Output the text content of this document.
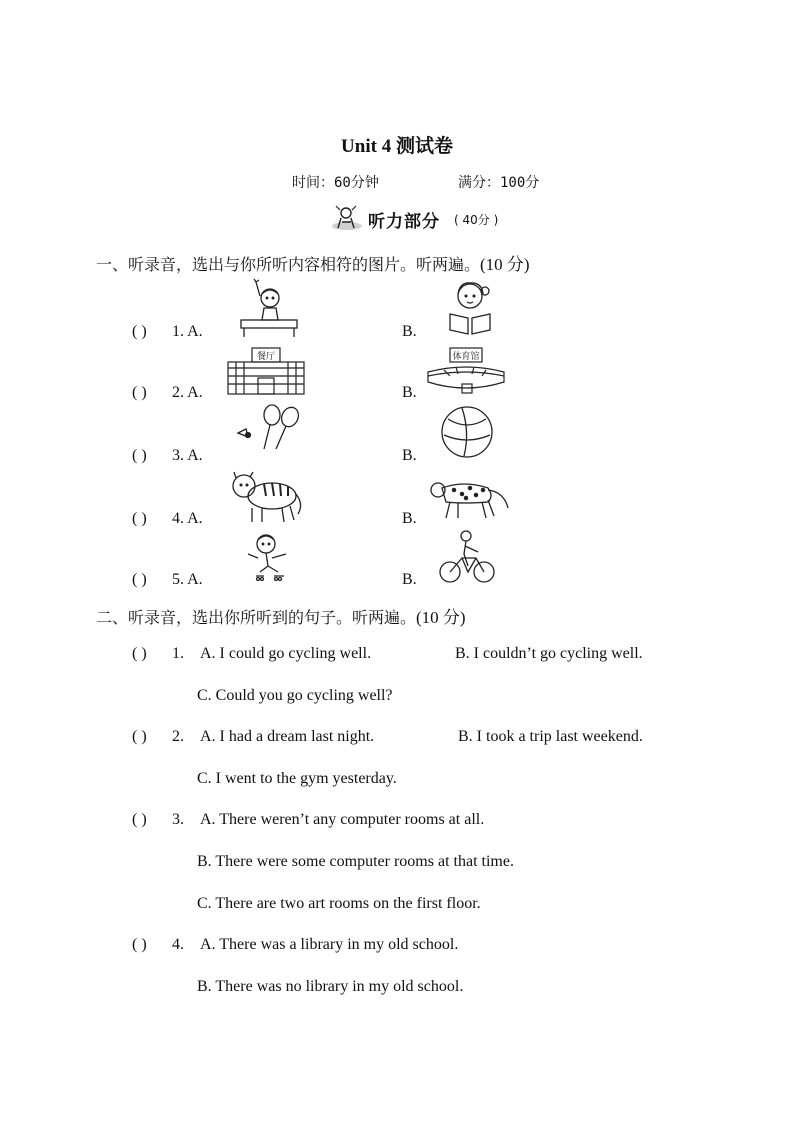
Unit 4 测试卷
时间：60分钟	满分：100分
听力部分 ( 40分 )
一、听录音，选出与你所听内容相符的图片。听两遍。(10 分)
( ) 1. A.	B.
( ) 2. A.	B.
( ) 3. A.	B.
( ) 4. A.	B.
( ) 5. A.	B.
餐厅	体育馆
二、听录音，选出你所听到的句子。听两遍。(10 分)
( ) 1. A. I could go cycling well.	B. I couldn’t go cycling well.
C. Could you go cycling well?
( ) 2. A. I had a dream last night.	B. I took a trip last weekend.
C. I went to the gym yesterday.
( ) 3. A. There weren’t any computer rooms at all.
B. There were some computer rooms at that time.
C. There are two art rooms on the first floor.
( ) 4. A. There was a library in my old school.
B. There was no library in my old school.
